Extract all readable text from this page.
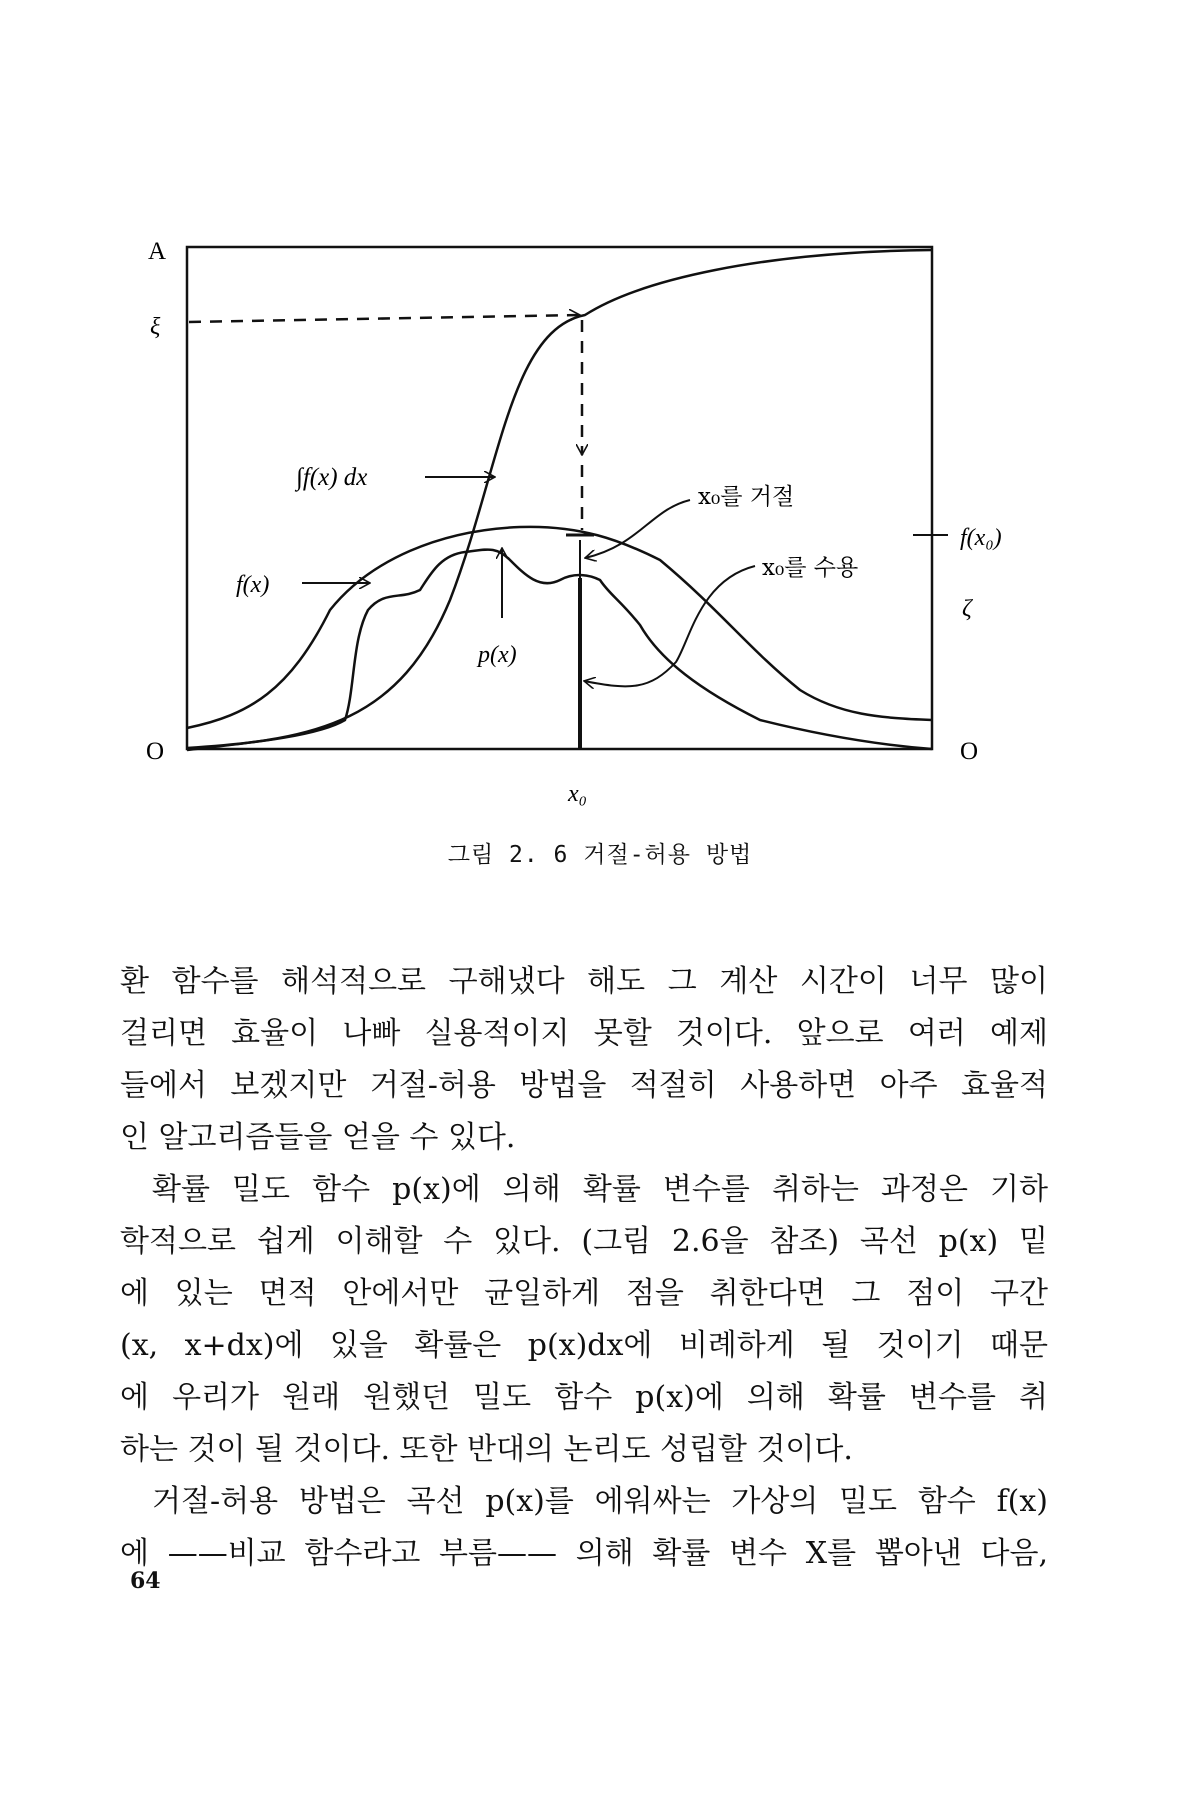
A
ξ
O
f(x₀)
ζ
O
x₀
∫f(x) dx
f(x)
p(x)
x₀를 거절
x₀를 수용
그림 2. 6 거절-허용 방법

환 함수를 해석적으로 구해냈다 해도 그 계산 시간이 너무 많이

걸리면 효율이 나빠 실용적이지 못할 것이다. 앞으로 여러 예제

들에서 보겠지만 거절-허용 방법을 적절히 사용하면 아주 효율적

인 알고리즘들을 얻을 수 있다.

확률 밀도 함수 p(x)에 의해 확률 변수를 취하는 과정은 기하

학적으로 쉽게 이해할 수 있다. (그림 2.6을 참조) 곡선 p(x) 밑

에 있는 면적 안에서만 균일하게 점을 취한다면 그 점이 구간

(x, x+dx)에 있을 확률은 p(x)dx에 비례하게 될 것이기 때문

에 우리가 원래 원했던 밀도 함수 p(x)에 의해 확률 변수를 취

하는 것이 될 것이다. 또한 반대의 논리도 성립할 것이다.

거절-허용 방법은 곡선 p(x)를 에워싸는 가상의 밀도 함수 f(x)

에 ——비교 함수라고 부름—— 의해 확률 변수 X를 뽑아낸 다음,

64
